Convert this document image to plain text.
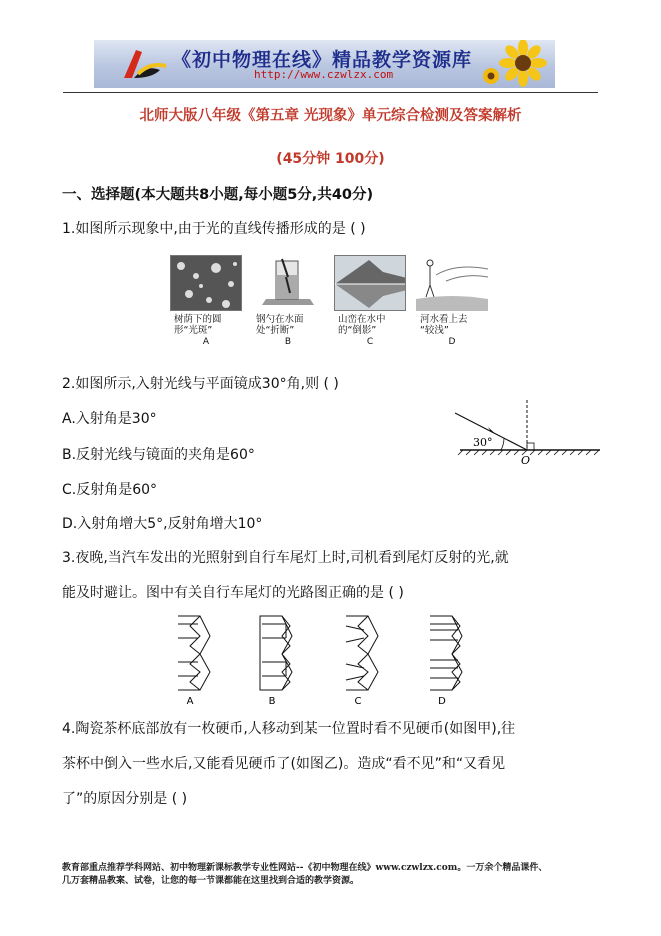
《初中物理在线》精品教学资源库
http://www.czwlzx.com
北师大版八年级《第五章 光现象》单元综合检测及答案解析
(45分钟 100分)
一、选择题(本大题共8小题,每小题5分,共40分)
1.如图所示现象中,由于光的直线传播形成的是 ( )
树荫下的圆
形“光斑”
A
钢勺在水面
处“折断”
B
山峦在水中
的“倒影”
C
河水看上去
“较浅”
D
2.如图所示,入射光线与平面镜成30°角,则 ( )
A.入射角是30°
B.反射光线与镜面的夹角是60°
C.反射角是60°
D.入射角增大5°,反射角增大10°
30°
O
3.夜晚,当汽车发出的光照射到自行车尾灯上时,司机看到尾灯反射的光,就
能及时避让。图中有关自行车尾灯的光路图正确的是 ( )
A	B	C	D
4.陶瓷茶杯底部放有一枚硬币,人移动到某一位置时看不见硬币(如图甲),往
茶杯中倒入一些水后,又能看见硬币了(如图乙)。造成“看不见”和“又看见
了”的原因分别是 ( )
教育部重点推荐学科网站、初中物理新课标教学专业性网站--《初中物理在线》www.czwlzx.com。一万余个精品课件、
几万套精品教案、试卷，让您的每一节课都能在这里找到合适的教学资源。
